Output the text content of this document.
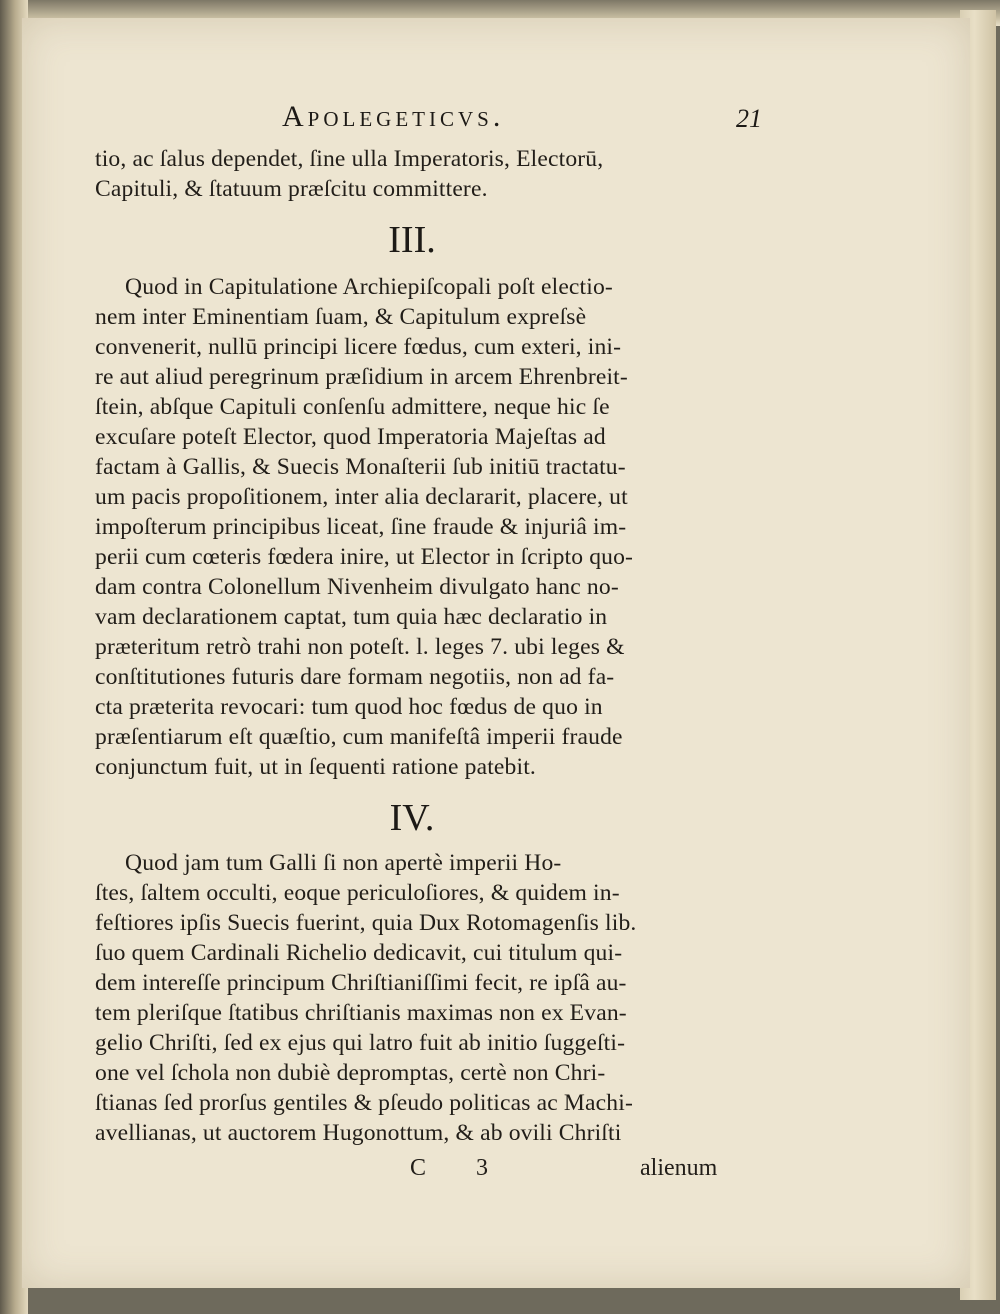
Apolegeticvs.	21
tio, ac ſalus dependet, ſine ulla Imperatoris, Electorū,
Capituli, & ſtatuum præſcitu committere.
III.
Quod in Capitulatione Archiepiſcopali poſt electio-
nem inter Eminentiam ſuam, & Capitulum expreſsè
convenerit, nullū principi licere fœdus, cum exteri, ini-
re aut aliud peregrinum præſidium in arcem Ehrenbreit-
ſtein, abſque Capituli conſenſu admittere, neque hic ſe
excuſare poteſt Elector, quod Imperatoria Majeſtas ad
factam à Gallis, & Suecis Monaſterii ſub initiū tractatu-
um pacis propoſitionem, inter alia declararit, placere, ut
impoſterum principibus liceat, ſine fraude & injuriâ im-
perii cum cœteris fœdera inire, ut Elector in ſcripto quo-
dam contra Colonellum Nivenheim divulgato hanc no-
vam declarationem captat, tum quia hæc declaratio in
præteritum retrò trahi non poteſt. l. leges 7. ubi leges &
conſtitutiones futuris dare formam negotiis, non ad fa-
cta præterita revocari: tum quod hoc fœdus de quo in
præſentiarum eſt quæſtio, cum manifeſtâ imperii fraude
conjunctum fuit, ut in ſequenti ratione patebit.
IV.
Quod jam tum Galli ſi non apertè imperii Ho-
ſtes, ſaltem occulti, eoque periculoſiores, & quidem in-
feſtiores ipſis Suecis fuerint, quia Dux Rotomagenſis lib.
ſuo quem Cardinali Richelio dedicavit, cui titulum qui-
dem intereſſe principum Chriſtianiſſimi fecit, re ipſâ au-
tem pleriſque ſtatibus chriſtianis maximas non ex Evan-
gelio Chriſti, ſed ex ejus qui latro fuit ab initio ſuggeſti-
one vel ſchola non dubiè depromptas, certè non Chri-
ſtianas ſed prorſus gentiles & pſeudo politicas ac Machi-
avellianas, ut auctorem Hugonottum, & ab ovili Chriſti
C 3	alienum
